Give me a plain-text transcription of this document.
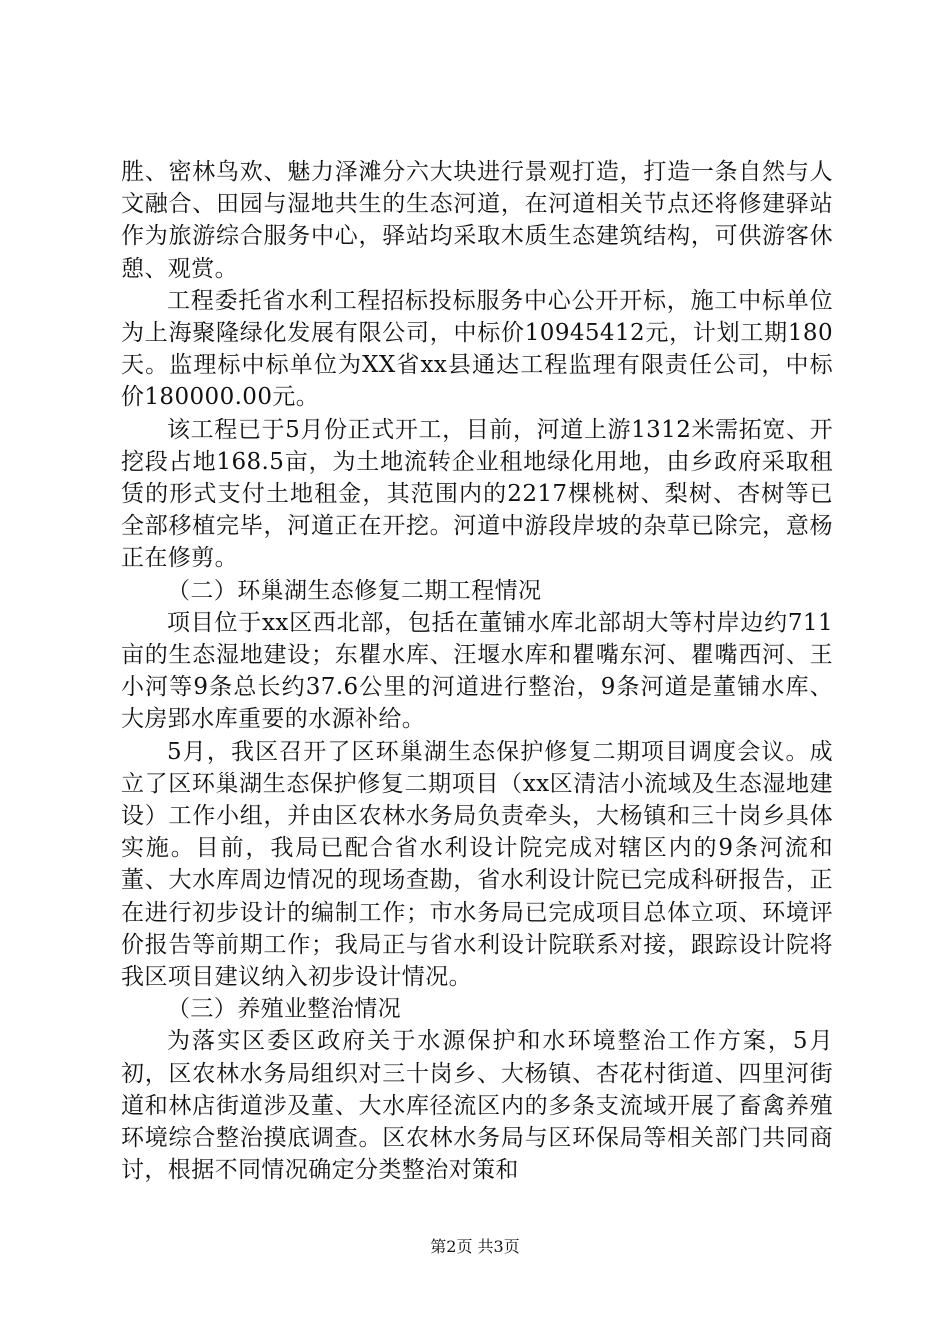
胜、密林鸟欢、魅力泽滩分六大块进行景观打造，打造一条自然与人文融合、田园与湿地共生的生态河道，在河道相关节点还将修建驿站作为旅游综合服务中心，驿站均采取木质生态建筑结构，可供游客休憩、观赏。

工程委托省水利工程招标投标服务中心公开开标，施工中标单位为上海聚隆绿化发展有限公司，中标价10945412元，计划工期180天。监理标中标单位为XX省xx县通达工程监理有限责任公司，中标价180000.00元。

该工程已于5月份正式开工，目前，河道上游1312米需拓宽、开挖段占地168.5亩，为土地流转企业租地绿化用地，由乡政府采取租赁的形式支付土地租金，其范围内的2217棵桃树、梨树、杏树等已全部移植完毕，河道正在开挖。河道中游段岸坡的杂草已除完，意杨正在修剪。

（二）环巢湖生态修复二期工程情况

项目位于xx区西北部，包括在董铺水库北部胡大等村岸边约711亩的生态湿地建设；东瞿水库、汪堰水库和瞿嘴东河、瞿嘴西河、王小河等9条总长约37.6公里的河道进行整治，9条河道是董铺水库、大房郢水库重要的水源补给。

5月，我区召开了区环巢湖生态保护修复二期项目调度会议。成立了区环巢湖生态保护修复二期项目（xx区清洁小流域及生态湿地建设）工作小组，并由区农林水务局负责牵头，大杨镇和三十岗乡具体实施。目前，我局已配合省水利设计院完成对辖区内的9条河流和董、大水库周边情况的现场查勘，省水利设计院已完成科研报告，正在进行初步设计的编制工作；市水务局已完成项目总体立项、环境评价报告等前期工作；我局正与省水利设计院联系对接，跟踪设计院将我区项目建议纳入初步设计情况。

（三）养殖业整治情况

为落实区委区政府关于水源保护和水环境整治工作方案，5月初，区农林水务局组织对三十岗乡、大杨镇、杏花村街道、四里河街道和林店街道涉及董、大水库径流区内的多条支流域开展了畜禽养殖环境综合整治摸底调查。区农林水务局与区环保局等相关部门共同商讨，根据不同情况确定分类整治对策和

第2页 共3页
